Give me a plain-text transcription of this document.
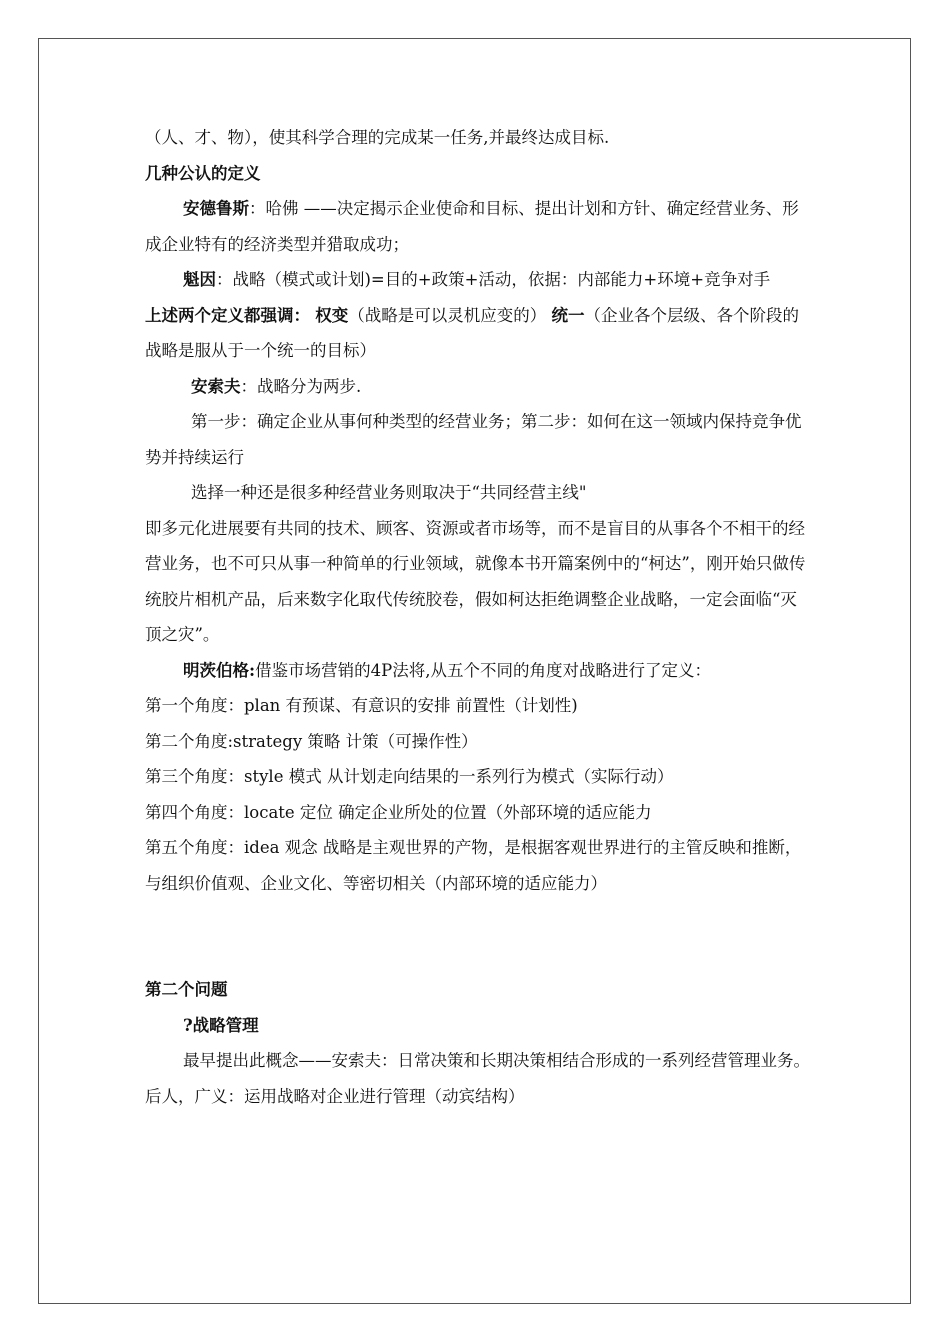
（人、才、物），使其科学合理的完成某一任务,并最终达成目标.

几种公认的定义

安德鲁斯：哈佛 ——决定揭示企业使命和目标、提出计划和方针、确定经营业务、形成企业特有的经济类型并猎取成功；

魁因：战略（模式或计划)=目的+政策+活动，依据：内部能力+环境+竞争对手

上述两个定义都强调： 权变（战略是可以灵机应变的） 统一（企业各个层级、各个阶段的战略是服从于一个统一的目标）

安索夫：战略分为两步.

第一步：确定企业从事何种类型的经营业务；第二步：如何在这一领域内保持竞争优势并持续运行

选择一种还是很多种经营业务则取决于“共同经营主线"

即多元化进展要有共同的技术、顾客、资源或者市场等，而不是盲目的从事各个不相干的经营业务，也不可只从事一种简单的行业领域，就像本书开篇案例中的“柯达”，刚开始只做传统胶片相机产品，后来数字化取代传统胶卷，假如柯达拒绝调整企业战略，一定会面临“灭顶之灾”。

明茨伯格:借鉴市场营销的4P法将,从五个不同的角度对战略进行了定义：

第一个角度：plan 有预谋、有意识的安排 前置性（计划性)

第二个角度:strategy 策略 计策（可操作性）

第三个角度：style 模式 从计划走向结果的一系列行为模式（实际行动）

第四个角度：locate 定位 确定企业所处的位置（外部环境的适应能力

第五个角度：idea 观念 战略是主观世界的产物，是根据客观世界进行的主管反映和推断，与组织价值观、企业文化、等密切相关（内部环境的适应能力）

第二个问题

?战略管理

最早提出此概念——安索夫：日常决策和长期决策相结合形成的一系列经营管理业务。

后人，广义：运用战略对企业进行管理（动宾结构）
